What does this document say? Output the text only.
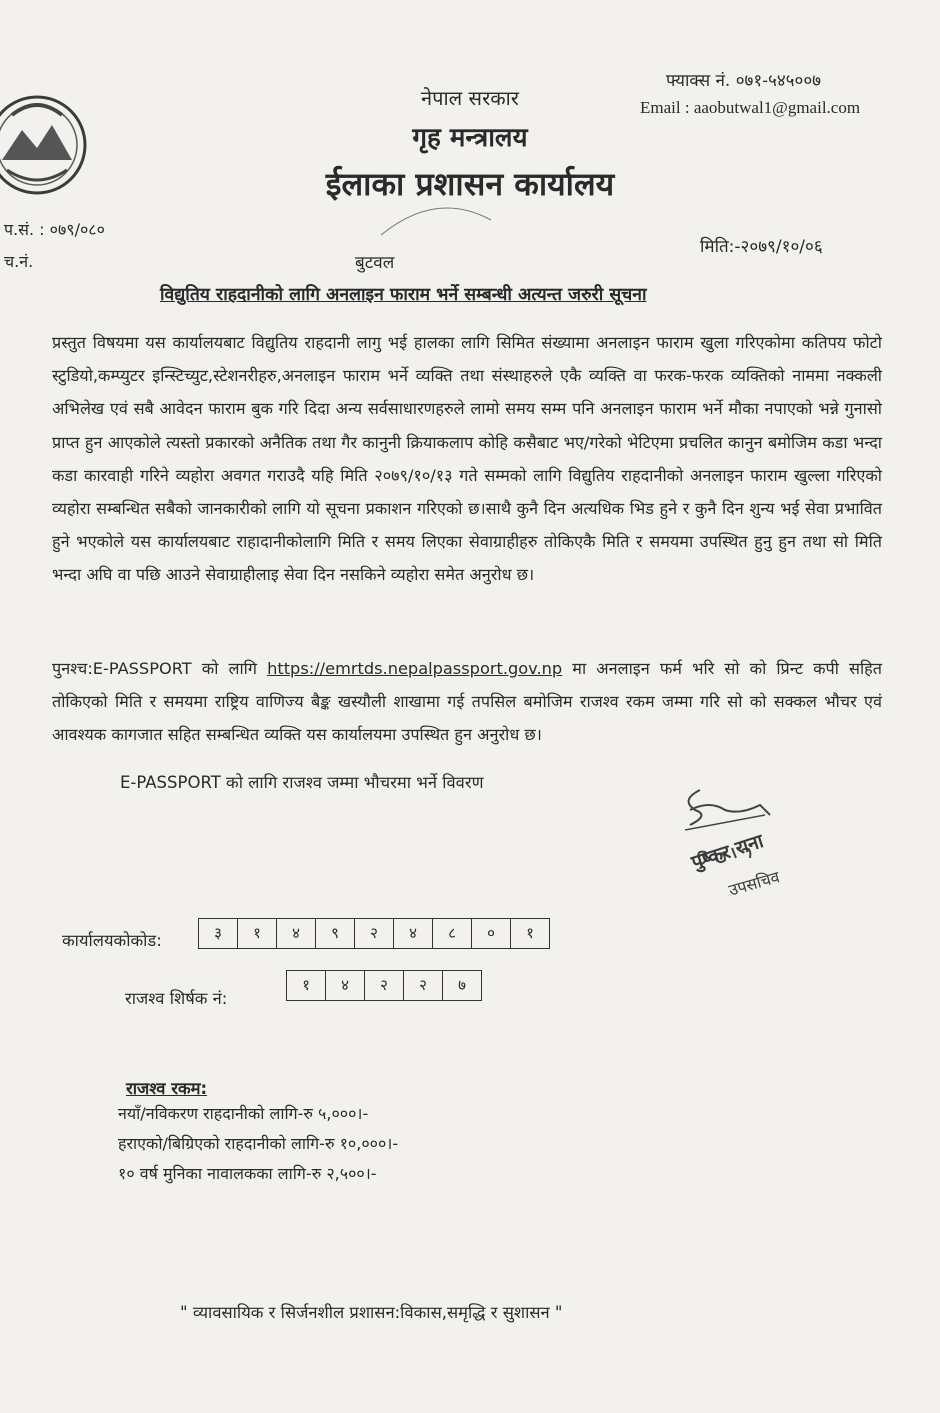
नेपाल सरकार
गृह मन्त्रालय
ईलाका प्रशासन कार्यालय
फ्याक्स नं. ०७१-५४५००७
Email : aaobutwal1@gmail.com
प.सं. : ०७९/०८०
च.नं.
मिति:-२०७९/१०/०६
बुटवल
विद्युतिय राहदानीको लागि अनलाइन फाराम भर्ने सम्बन्धी अत्यन्त जरुरी सूचना
प्रस्तुत विषयमा यस कार्यालयबाट विद्युतिय राहदानी लागु भई हालका लागि सिमित संख्यामा अनलाइन फाराम खुला गरिएकोमा कतिपय फोटो स्टुडियो,कम्प्युटर इन्स्टिच्युट,स्टेशनरीहरु,अनलाइन फाराम भर्ने व्यक्ति तथा संस्थाहरुले एकै व्यक्ति वा फरक-फरक व्यक्तिको नाममा नक्कली अभिलेख एवं सबै आवेदन फाराम बुक गरि दिदा अन्य सर्वसाधारणहरुले लामो समय सम्म पनि अनलाइन फाराम भर्ने मौका नपाएको भन्ने गुनासो प्राप्त हुन आएकोले त्यस्तो प्रकारको अनैतिक तथा गैर कानुनी क्रियाकलाप कोहि कसैबाट भए/गरेको भेटिएमा प्रचलित कानुन बमोजिम कडा भन्दा कडा कारवाही गरिने व्यहोरा अवगत गराउदै यहि मिति २०७९/१०/१३ गते सम्मको लागि विद्युतिय राहदानीको अनलाइन फाराम खुल्ला गरिएको व्यहोरा सम्बन्धित सबैको जानकारीको लागि यो सूचना प्रकाशन गरिएको छ।साथै कुनै दिन अत्यधिक भिड हुने र कुनै दिन शुन्य भई सेवा प्रभावित हुने भएकोले यस कार्यालयबाट राहादानीकोलागि मिति र समय लिएका सेवाग्राहीहरु तोकिएकै मिति र समयमा उपस्थित हुनु हुन तथा सो मिति भन्दा अघि वा पछि आउने सेवाग्राहीलाइ सेवा दिन नसकिने व्यहोरा समेत अनुरोध छ।
पुनश्च:E-PASSPORT को लागि https://emrtds.nepalpassport.gov.np मा अनलाइन फर्म भरि सो को प्रिन्ट कपी सहित तोकिएको मिति र समयमा राष्ट्रिय वाणिज्य बैङ्क खस्यौली शाखामा गई तपसिल बमोजिम राजश्व रकम जम्मा गरि सो को सक्कल भौचर एवं आवश्यक कागजात सहित सम्बन्धित व्यक्ति यस कार्यालयमा उपस्थित हुन अनुरोध छ।
E-PASSPORT को लागि राजश्व जम्मा भौचरमा भर्ने विवरण
पुष्कर राना
उपसचिव
कार्यालयकोकोड:	३	१	४	९	२	४	८	०	१
राजश्व शिर्षक नं:
१	४	२	२	७
राजश्व रकम:
नयाँ/नविकरण राहदानीको लागि-रु ५,०००।-
हराएको/बिग्रिएको राहदानीको लागि-रु १०,०००।-
१० वर्ष मुनिका नावालकका लागि-रु २,५००।-
" व्यावसायिक र सिर्जनशील प्रशासन:विकास,समृद्धि र सुशासन "
